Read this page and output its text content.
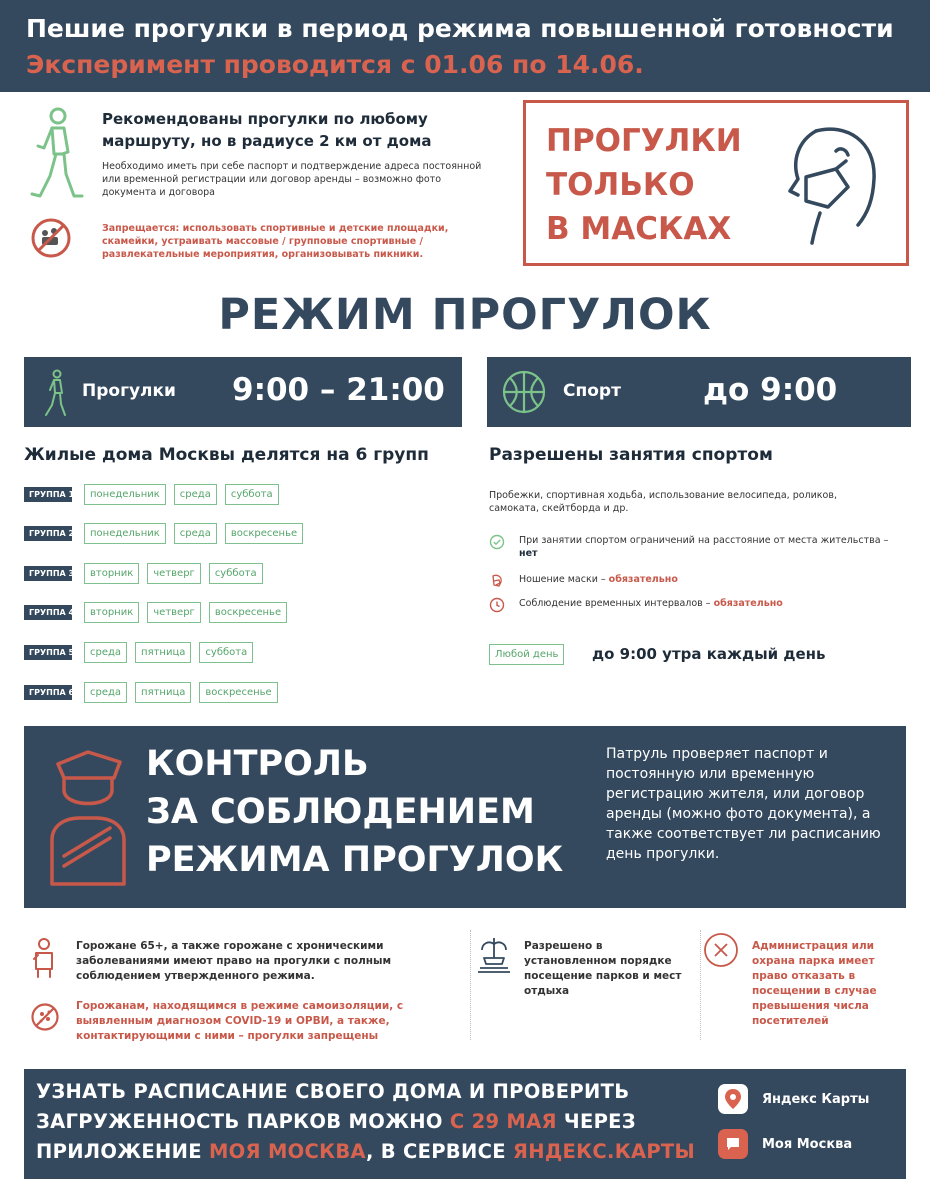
Пешие прогулки в период режима повышенной готовности
Эксперимент проводится с 01.06 по 14.06.
Рекомендованы прогулки по любому маршруту, но в радиусе 2 км от дома
Необходимо иметь при себе паспорт и подтверждение адреса постоянной или временной регистрации или договор аренды – возможно фото документа и договора
Запрещается: использовать спортивные и детские площадки, скамейки, устраивать массовые / групповые спортивные / развлекательные мероприятия, организовывать пикники.
ПРОГУЛКИ
ТОЛЬКО
В МАСКАХ
РЕЖИМ ПРОГУЛОК
Прогулки 9:00 – 21:00	Спорт	до 9:00
Жилые дома Москвы делятся на 6 групп
ГРУППА 1	понедельник	среда	суббота
ГРУППА 2	понедельник	среда	воскресенье
ГРУППА 3	вторник	четверг	суббота
ГРУППА 4	вторник	четверг	воскресенье
ГРУППА 5	среда	пятница	суббота
ГРУППА 6	среда	пятница	воскресенье
Разрешены занятия спортом
Пробежки, спортивная ходьба, использование велосипеда, роликов, самоката, скейтборда и др.
При занятии спортом ограничений на расстояние от места жительства – нет
Ношение маски – обязательно
Соблюдение временных интервалов – обязательно
Любой день	до 9:00 утра каждый день
КОНТРОЛЬ
ЗА СОБЛЮДЕНИЕМ
РЕЖИМА ПРОГУЛОК
Патруль проверяет паспорт и постоянную или временную регистрацию жителя, или договор аренды (можно фото документа), а также соответствует ли расписанию день прогулки.
Горожане 65+, а также горожане с хроническими заболеваниями имеют право на прогулки с полным соблюдением утвержденного режима.
Горожанам, находящимся в режиме самоизоляции, с выявленным диагнозом COVID-19 и ОРВИ, а также, контактирующими с ними – прогулки запрещены
Разрешено в установленном порядке посещение парков и мест отдыха
Администрация или охрана парка имеет право отказать в посещении в случае превышения числа посетителей
УЗНАТЬ РАСПИСАНИЕ СВОЕГО ДОМА И ПРОВЕРИТЬ
ЗАГРУЖЕННОСТЬ ПАРКОВ МОЖНО С 29 МАЯ ЧЕРЕЗ
ПРИЛОЖЕНИЕ МОЯ МОСКВА, В СЕРВИСЕ ЯНДЕКС.КАРТЫ
Яндекс Карты
Моя Москва
